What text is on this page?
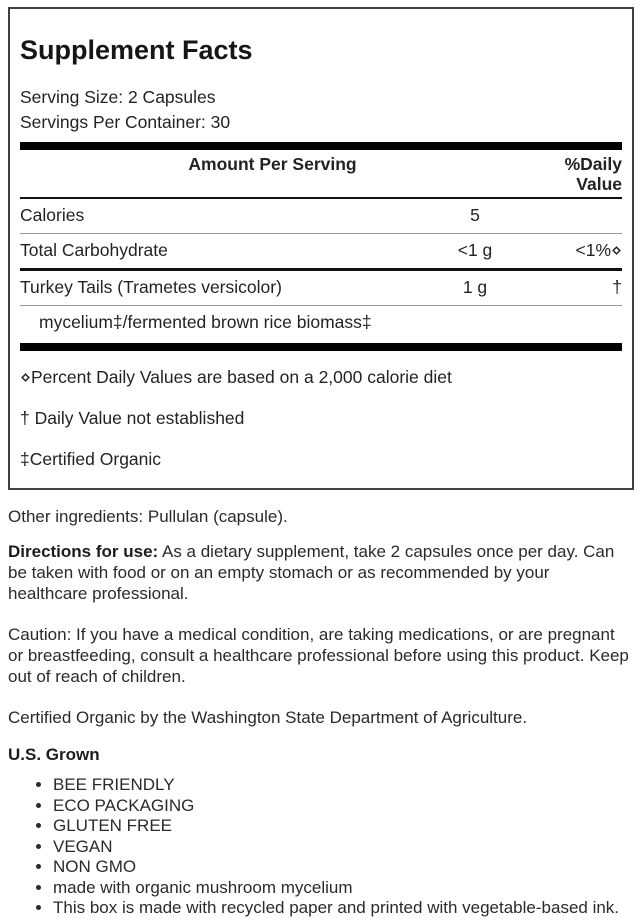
Supplement Facts
Serving Size: 2 Capsules
Servings Per Container: 30
Amount Per Serving	%Daily Value
Calories	5
Total Carbohydrate	<1 g	<1%⋄
Turkey Tails (Trametes versicolor)	1 g	†
mycelium‡/fermented brown rice biomass‡
⋄Percent Daily Values are based on a 2,000 calorie diet
† Daily Value not established
‡Certified Organic

Other ingredients: Pullulan (capsule).

Directions for use: As a dietary supplement, take 2 capsules once per day. Can be taken with food or on an empty stomach or as recommended by your healthcare professional.

Caution: If you have a medical condition, are taking medications, or are pregnant or breastfeeding, consult a healthcare professional before using this product. Keep out of reach of children.

Certified Organic by the Washington State Department of Agriculture.

U.S. Grown
• BEE FRIENDLY
• ECO PACKAGING
• GLUTEN FREE
• VEGAN
• NON GMO
• made with organic mushroom mycelium
• This box is made with recycled paper and printed with vegetable-based ink.
